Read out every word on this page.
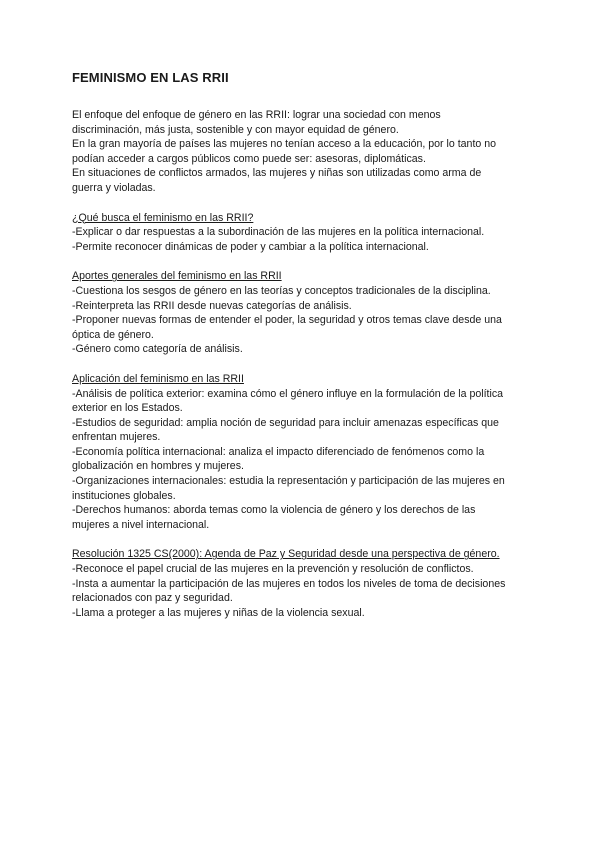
FEMINISMO EN LAS RRII

El enfoque del enfoque de género en las RRII: lograr una sociedad con menos

discriminación, más justa, sostenible y con mayor equidad de género.

En la gran mayoría de países las mujeres no tenían acceso a la educación, por lo tanto no

podían acceder a cargos públicos como puede ser: asesoras, diplomáticas.

En situaciones de conflictos armados, las mujeres y niñas son utilizadas como arma de

guerra y violadas.

¿Qué busca el feminismo en las RRII?

-Explicar o dar respuestas a la subordinación de las mujeres en la política internacional.

-Permite reconocer dinámicas de poder y cambiar a la política internacional.

Aportes generales del feminismo en las RRII

-Cuestiona los sesgos de género en las teorías y conceptos tradicionales de la disciplina.

-Reinterpreta las RRII desde nuevas categorías de análisis.

-Proponer nuevas formas de entender el poder, la seguridad y otros temas clave desde una

óptica de género.

-Género como categoría de análisis.

Aplicación del feminismo en las RRII

-Análisis de política exterior: examina cómo el género influye en la formulación de la política

exterior en los Estados.

-Estudios de seguridad: amplia noción de seguridad para incluir amenazas específicas que

enfrentan mujeres.

-Economía política internacional: analiza el impacto diferenciado de fenómenos como la

globalización en hombres y mujeres.

-Organizaciones internacionales: estudia la representación y participación de las mujeres en

instituciones globales.

-Derechos humanos: aborda temas como la violencia de género y los derechos de las

mujeres a nivel internacional.

Resolución 1325 CS(2000): Agenda de Paz y Seguridad desde una perspectiva de género.

-Reconoce el papel crucial de las mujeres en la prevención y resolución de conflictos.

-Insta a aumentar la participación de las mujeres en todos los niveles de toma de decisiones

relacionados con paz y seguridad.

-Llama a proteger a las mujeres y niñas de la violencia sexual.
